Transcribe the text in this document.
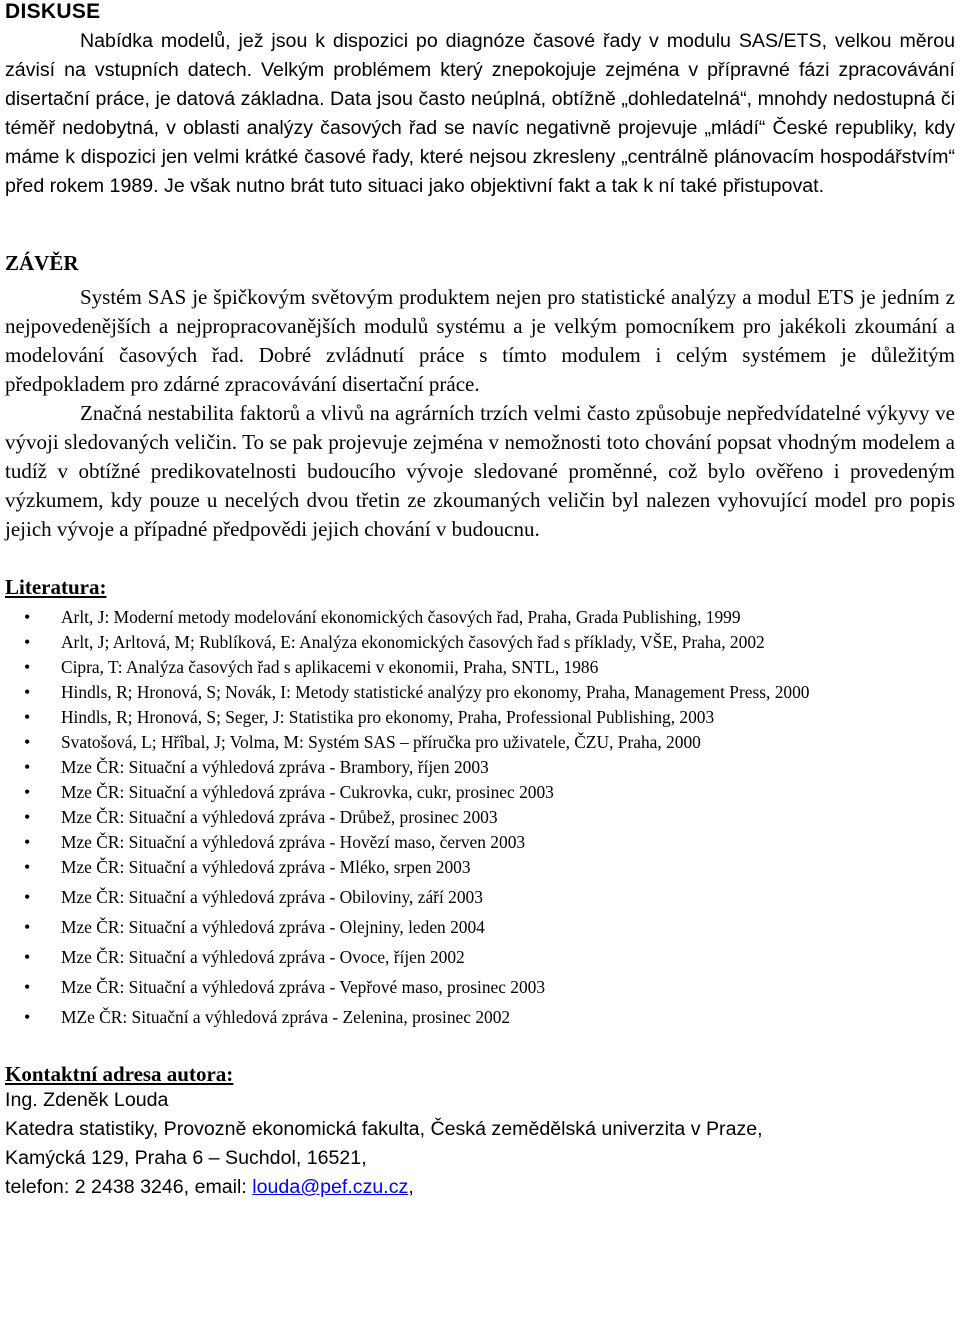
DISKUSE

Nabídka modelů, jež jsou k dispozici po diagnóze časové řady v modulu SAS/ETS, velkou měrou závisí na vstupních datech. Velkým problémem který znepokojuje zejména v přípravné fázi zpracovávání disertační práce, je datová základna. Data jsou často neúplná, obtížně „dohledatelná“, mnohdy nedostupná či téměř nedobytná, v oblasti analýzy časových řad se navíc negativně projevuje „mládí“ České republiky, kdy máme k dispozici jen velmi krátké časové řady, které nejsou zkresleny „centrálně plánovacím hospodářstvím“ před rokem 1989. Je však nutno brát tuto situaci jako objektivní fakt a tak k ní také přistupovat.

ZÁVĚR

Systém SAS je špičkovým světovým produktem nejen pro statistické analýzy a modul ETS je jedním z nejpovedenějších a nejpropracovanějších modulů systému a je velkým pomocníkem pro jakékoli zkoumání a modelování časových řad. Dobré zvládnutí práce s tímto modulem i celým systémem je důležitým předpokladem pro zdárné zpracovávání disertační práce.

Značná nestabilita faktorů a vlivů na agrárních trzích velmi často způsobuje nepředvídatelné výkyvy ve vývoji sledovaných veličin. To se pak projevuje zejména v nemožnosti toto chování popsat vhodným modelem a tudíž v obtížné predikovatelnosti budoucího vývoje sledované proměnné, což bylo ověřeno i provedeným výzkumem, kdy pouze u necelých dvou třetin ze zkoumaných veličin byl nalezen vyhovující model pro popis jejich vývoje a případné předpovědi jejich chování v budoucnu.

Literatura:
• Arlt, J: Moderní metody modelování ekonomických časových řad, Praha, Grada Publishing, 1999
• Arlt, J; Arltová, M; Rublíková, E: Analýza ekonomických časových řad s příklady, VŠE, Praha, 2002
• Cipra, T: Analýza časových řad s aplikacemi v ekonomii, Praha, SNTL, 1986
• Hindls, R; Hronová, S; Novák, I: Metody statistické analýzy pro ekonomy, Praha, Management Press, 2000
• Hindls, R; Hronová, S; Seger, J: Statistika pro ekonomy, Praha, Professional Publishing, 2003
• Svatošová, L; Hřîbal, J; Volma, M: Systém SAS – příručka pro uživatele, ČZU, Praha, 2000
• Mze ČR: Situační a výhledová zpráva - Brambory, říjen 2003
• Mze ČR: Situační a výhledová zpráva - Cukrovka, cukr, prosinec 2003
• Mze ČR: Situační a výhledová zpráva - Drůbež, prosinec 2003
• Mze ČR: Situační a výhledová zpráva - Hovězí maso, červen 2003
• Mze ČR: Situační a výhledová zpráva - Mléko, srpen 2003
• Mze ČR: Situační a výhledová zpráva - Obiloviny, září 2003
• Mze ČR: Situační a výhledová zpráva - Olejniny, leden 2004
• Mze ČR: Situační a výhledová zpráva - Ovoce, říjen 2002
• Mze ČR: Situační a výhledová zpráva - Vepřové maso, prosinec 2003
• MZe ČR: Situační a výhledová zpráva - Zelenina, prosinec 2002
Kontaktní adresa autora:

Ing. Zdeněk Louda

Katedra statistiky, Provozně ekonomická fakulta, Česká zemědělská univerzita v Praze,

Kamýcká 129, Praha 6 – Suchdol, 16521,

telefon: 2 2438 3246, email: louda@pef.czu.cz,
